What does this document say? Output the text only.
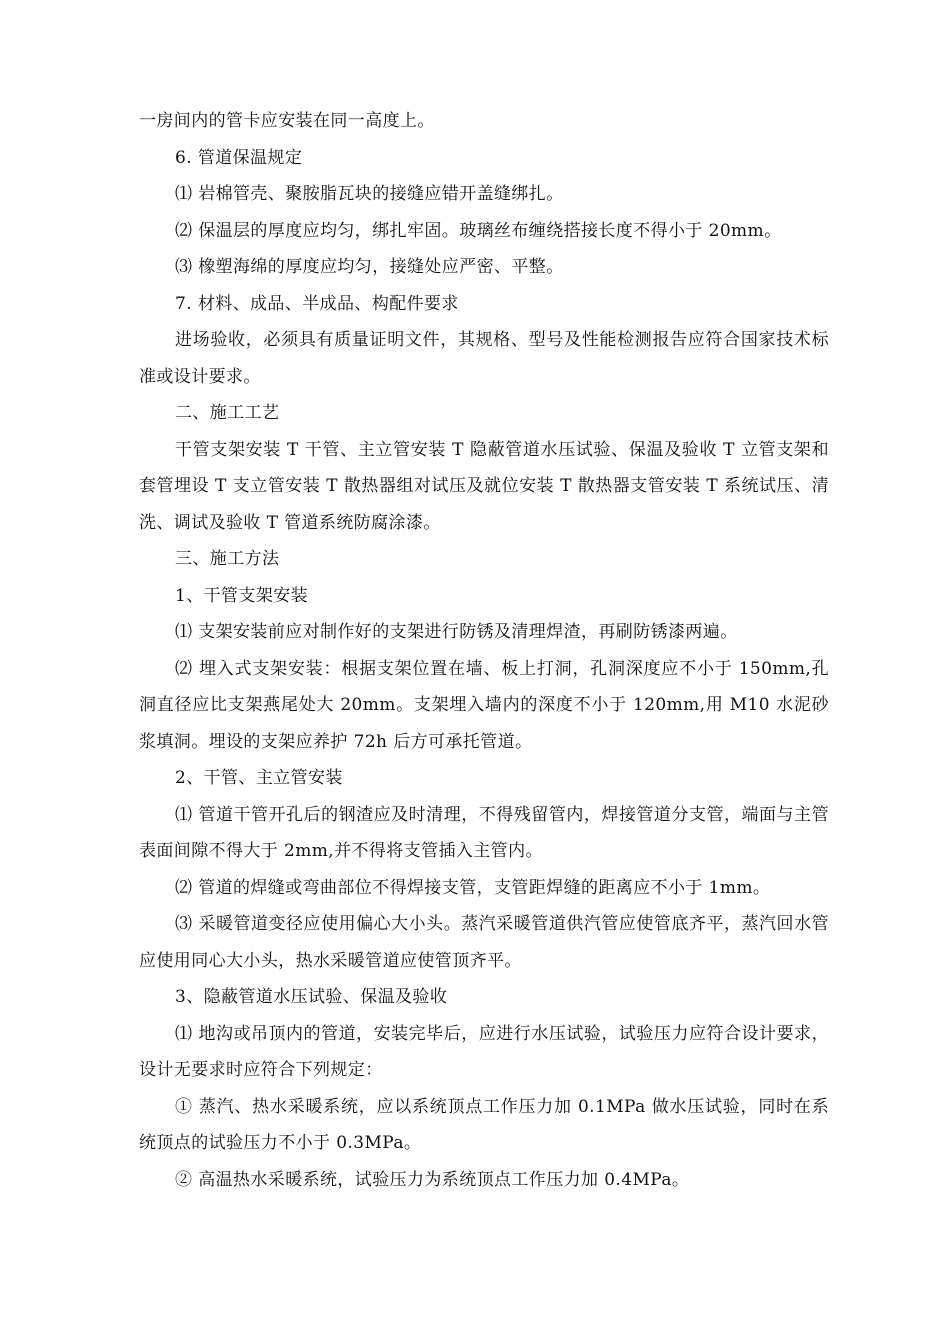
一房间内的管卡应安装在同一高度上。

6. 管道保温规定

⑴ 岩棉管壳、聚胺脂瓦块的接缝应错开盖缝绑扎。

⑵ 保温层的厚度应均匀，绑扎牢固。玻璃丝布缠绕搭接长度不得小于 20mm。

⑶ 橡塑海绵的厚度应均匀，接缝处应严密、平整。

7. 材料、成品、半成品、构配件要求

进场验收，必须具有质量证明文件，其规格、型号及性能检测报告应符合国家技术标准或设计要求。

二、施工工艺

干管支架安装 T 干管、主立管安装 T 隐蔽管道水压试验、保温及验收 T 立管支架和套管埋设 T 支立管安装 T 散热器组对试压及就位安装 T 散热器支管安装 T 系统试压、清洗、调试及验收 T 管道系统防腐涂漆。

三、施工方法

1、干管支架安装

⑴ 支架安装前应对制作好的支架进行防锈及清理焊渣，再刷防锈漆两遍。

⑵ 埋入式支架安装：根据支架位置在墙、板上打洞，孔洞深度应不小于 150mm,孔洞直径应比支架燕尾处大 20mm。支架埋入墙内的深度不小于 120mm,用 M10 水泥砂浆填洞。埋设的支架应养护 72h 后方可承托管道。

2、干管、主立管安装

⑴ 管道干管开孔后的钢渣应及时清理，不得残留管内，焊接管道分支管，端面与主管表面间隙不得大于 2mm,并不得将支管插入主管内。

⑵ 管道的焊缝或弯曲部位不得焊接支管，支管距焊缝的距离应不小于 1mm。

⑶ 采暖管道变径应使用偏心大小头。蒸汽采暖管道供汽管应使管底齐平，蒸汽回水管应使用同心大小头，热水采暖管道应使管顶齐平。

3、隐蔽管道水压试验、保温及验收

⑴ 地沟或吊顶内的管道，安装完毕后，应进行水压试验，试验压力应符合设计要求，设计无要求时应符合下列规定：

① 蒸汽、热水采暖系统，应以系统顶点工作压力加 0.1MPa 做水压试验，同时在系统顶点的试验压力不小于 0.3MPa。

② 高温热水采暖系统，试验压力为系统顶点工作压力加 0.4MPa。
